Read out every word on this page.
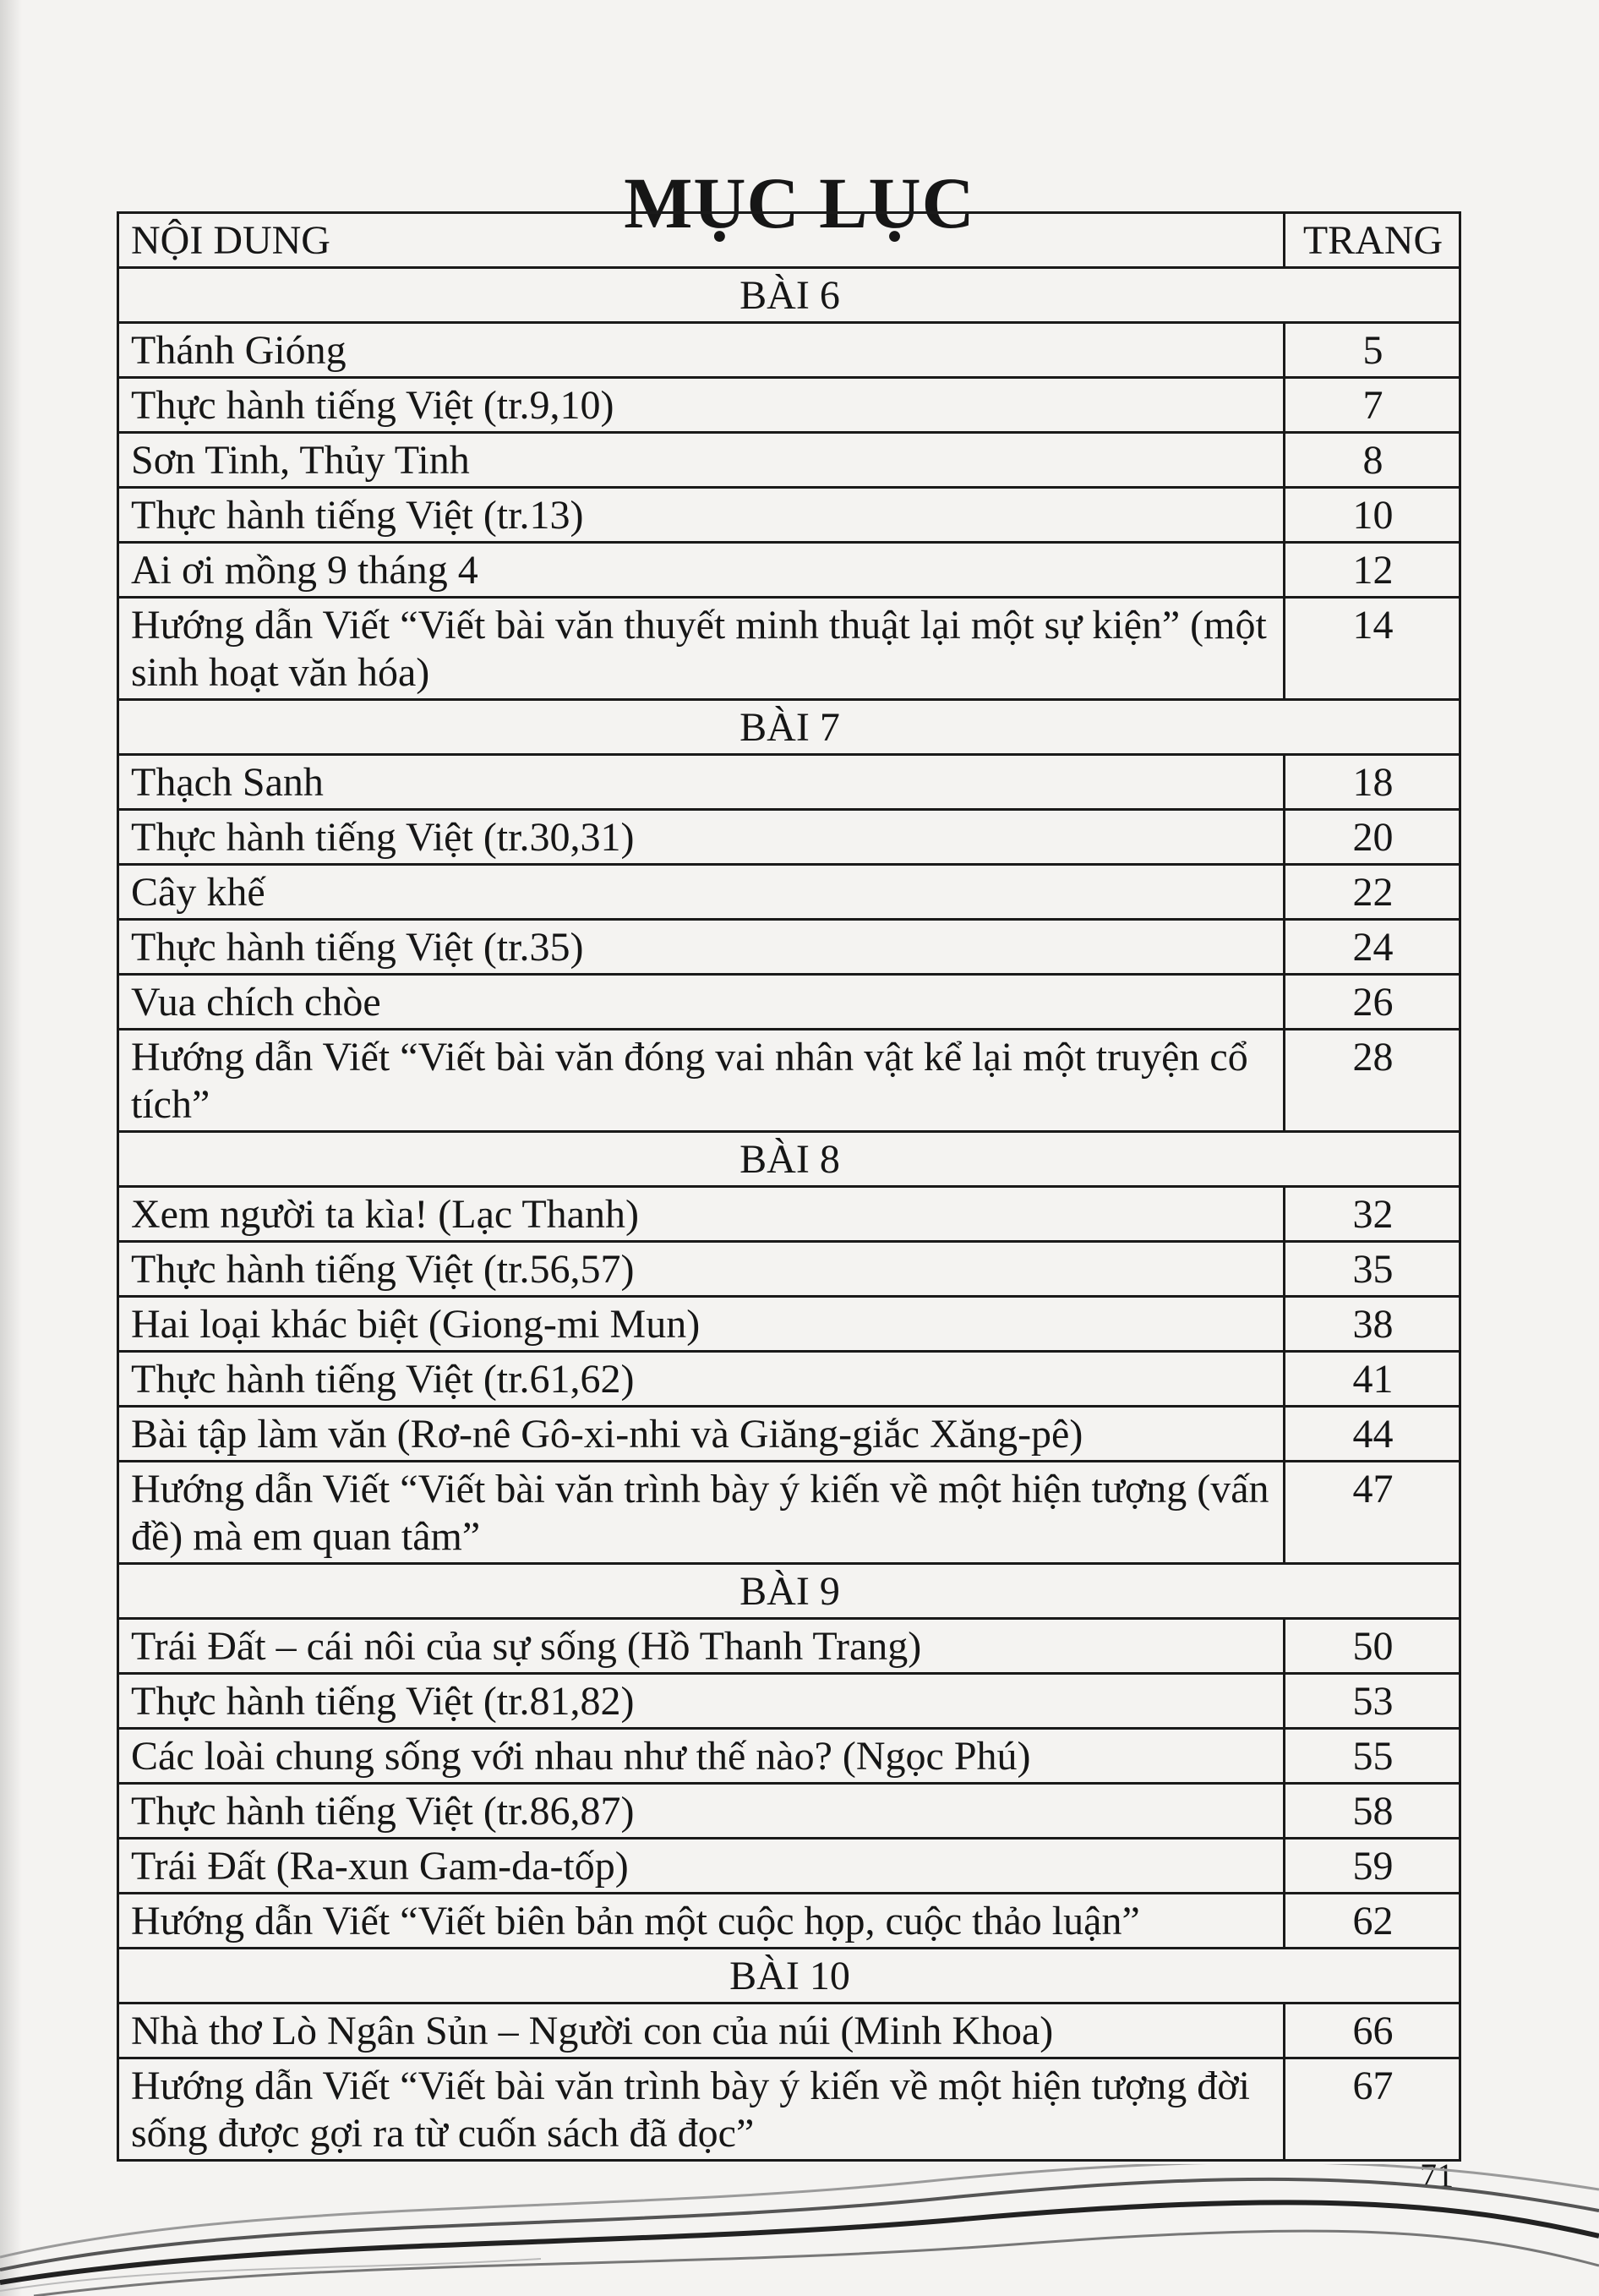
MỤC LỤC
NỘI DUNG	TRANG
BÀI 6	
Thánh Gióng	5
Thực hành tiếng Việt (tr.9,10)	7
Sơn Tinh, Thủy Tinh	8
Thực hành tiếng Việt (tr.13)	10
Ai ơi mồng 9 tháng 4	12
Hướng dẫn Viết “Viết bài văn thuyết minh thuật lại một sự kiện” (một sinh hoạt văn hóa)	14
BÀI 7	
Thạch Sanh	18
Thực hành tiếng Việt (tr.30,31)	20
Cây khế	22
Thực hành tiếng Việt (tr.35)	24
Vua chích chòe	26
Hướng dẫn Viết “Viết bài văn đóng vai nhân vật kể lại một truyện cổ tích”	28
BÀI 8	
Xem người ta kìa! (Lạc Thanh)	32
Thực hành tiếng Việt (tr.56,57)	35
Hai loại khác biệt (Giong-mi Mun)	38
Thực hành tiếng Việt (tr.61,62)	41
Bài tập làm văn (Rơ-nê Gô-xi-nhi và Giăng-giắc Xăng-pê)	44
Hướng dẫn Viết “Viết bài văn trình bày ý kiến về một hiện tượng (vấn đề) mà em quan tâm”	47
BÀI 9	
Trái Đất – cái nôi của sự sống (Hồ Thanh Trang)	50
Thực hành tiếng Việt (tr.81,82)	53
Các loài chung sống với nhau như thế nào? (Ngọc Phú)	55
Thực hành tiếng Việt (tr.86,87)	58
Trái Đất (Ra-xun Gam-da-tốp)	59
Hướng dẫn Viết “Viết biên bản một cuộc họp, cuộc thảo luận”	62
BÀI 10	
Nhà thơ Lò Ngân Sủn – Người con của núi (Minh Khoa)	66
Hướng dẫn Viết “Viết bài văn trình bày ý kiến về một hiện tượng đời sống được gợi ra từ cuốn sách đã đọc”	67
71
